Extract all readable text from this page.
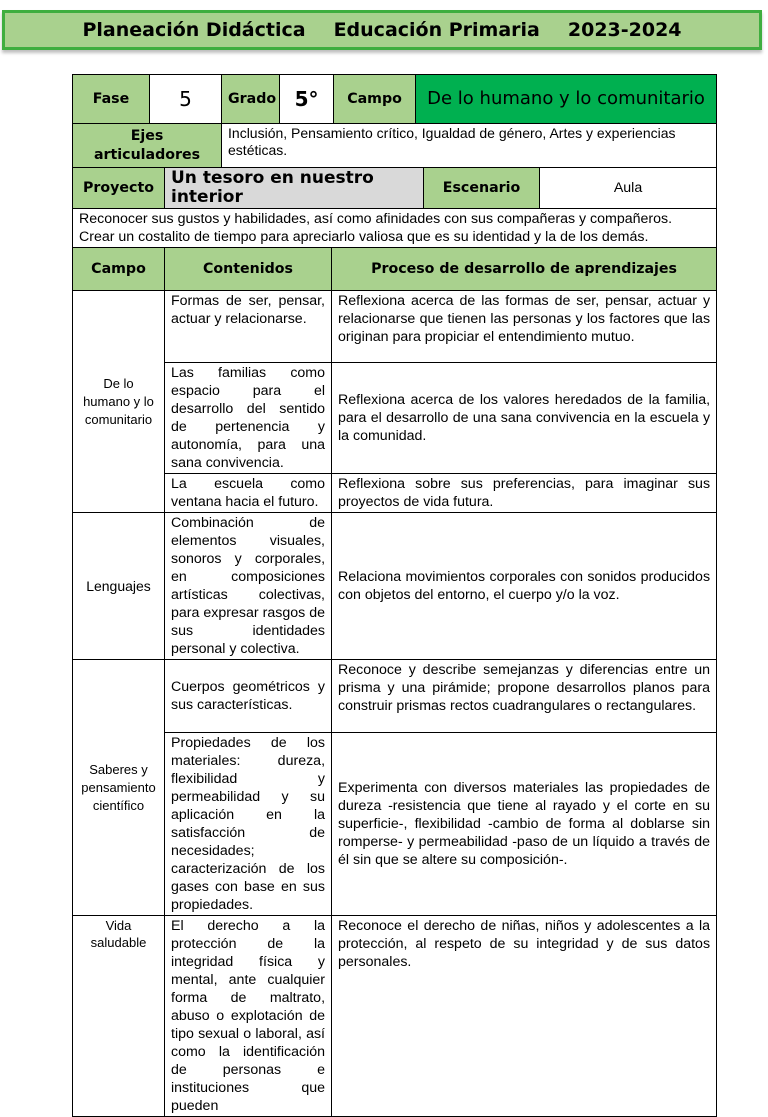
Planeación Didáctica Educación Primaria 2023-2024
Fase	5		Grado	5°		Campo	De lo humano y lo comunitario		
Ejes articuladores			Inclusión, Pensamiento crítico, Igualdad de género, Artes y experiencias estéticas.						
Proyecto		Un tesoro en nuestro interior						Escenario	Aula
Reconocer sus gustos y habilidades, así como afinidades con sus compañeras y compañeros. Crear un costalito de tiempo para apreciarlo valiosa que es su identidad y la de los demás.									
Campo		Contenidos			Proceso de desarrollo de aprendizajes				
De lo humano y lo comunitario		Formas de ser, pensar, actuar y relacionarse.			Reflexiona acerca de las formas de ser, pensar, actuar y relacionarse que tienen las personas y los factores que las originan para propiciar el entendimiento mutuo.				
		Las familias como espacio para el desarrollo del sentido de pertenencia y autonomía, para una sana convivencia.			Reflexiona acerca de los valores heredados de la familia, para el desarrollo de una sana convivencia en la escuela y la comunidad.				
		La escuela como ventana hacia el futuro.			Reflexiona sobre sus preferencias, para imaginar sus proyectos de vida futura.				
Lenguajes		Combinación de elementos visuales, sonoros y corporales, en composiciones artísticas colectivas, para expresar rasgos de sus identidades personal y colectiva.			Relaciona movimientos corporales con sonidos producidos con objetos del entorno, el cuerpo y/o la voz.				
Saberes y pensamiento científico		Cuerpos geométricos y sus características.			Reconoce y describe semejanzas y diferencias entre un prisma y una pirámide; propone desarrollos planos para construir prismas rectos cuadrangulares o rectangulares.				
		Propiedades de los materiales: dureza, flexibilidad y permeabilidad y su aplicación en la satisfacción de necesidades; caracterización de los gases con base en sus propiedades.			Experimenta con diversos materiales las propiedades de dureza -resistencia que tiene al rayado y el corte en su superficie-, flexibilidad -cambio de forma al doblarse sin romperse- y permeabilidad -paso de un líquido a través de él sin que se altere su composición-.				
Vida saludable		El derecho a la protección de la integridad física y mental, ante cualquier forma de maltrato, abuso o explotación de tipo sexual o laboral, así como la identificación de personas e instituciones que pueden			Reconoce el derecho de niñas, niños y adolescentes a la protección, al respeto de su integridad y de sus datos personales.				
